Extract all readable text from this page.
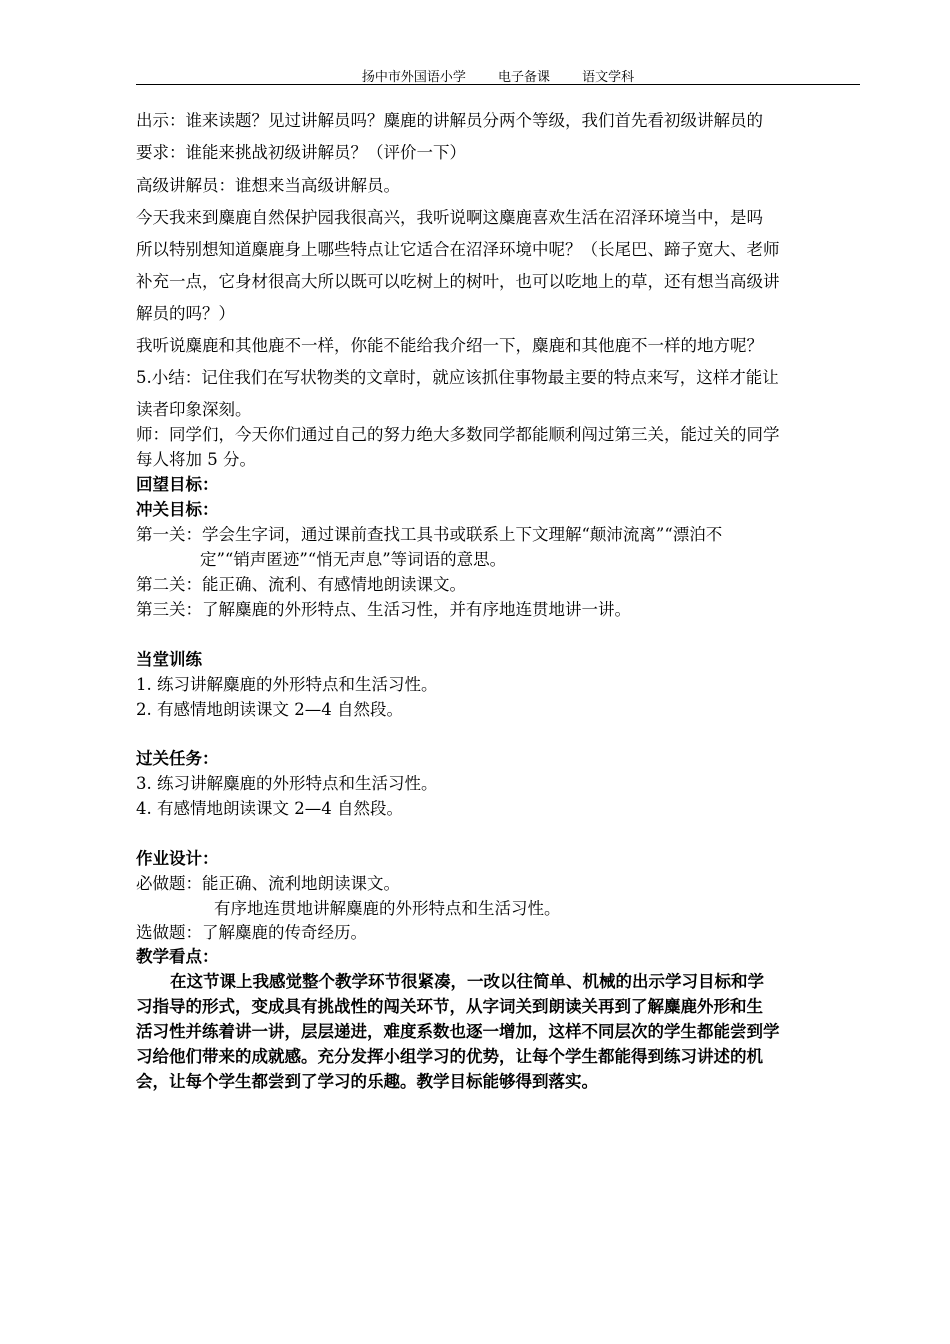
扬中市外国语小学 电子备课 语文学科
出示：谁来读题？见过讲解员吗？麋鹿的讲解员分两个等级，我们首先看初级讲解员的
要求：谁能来挑战初级讲解员？（评价一下）
高级讲解员：谁想来当高级讲解员。
今天我来到麋鹿自然保护园我很高兴，我听说啊这麋鹿喜欢生活在沼泽环境当中，是吗
所以特别想知道麋鹿身上哪些特点让它适合在沼泽环境中呢？（长尾巴、蹄子宽大、老师
补充一点，它身材很高大所以既可以吃树上的树叶，也可以吃地上的草，还有想当高级讲
解员的吗？）
我听说麋鹿和其他鹿不一样，你能不能给我介绍一下，麋鹿和其他鹿不一样的地方呢？
5.小结：记住我们在写状物类的文章时，就应该抓住事物最主要的特点来写，这样才能让
读者印象深刻。
师：同学们，今天你们通过自己的努力绝大多数同学都能顺利闯过第三关，能过关的同学
每人将加 5 分。
回望目标：
冲关目标：
第一关：学会生字词，通过课前查找工具书或联系上下文理解“颠沛流离”“漂泊不
定”“销声匿迹”“悄无声息”等词语的意思。
第二关：能正确、流利、有感情地朗读课文。
第三关：了解麋鹿的外形特点、生活习性，并有序地连贯地讲一讲。
当堂训练
1. 练习讲解麋鹿的外形特点和生活习性。
2. 有感情地朗读课文 2—4 自然段。
过关任务：
3. 练习讲解麋鹿的外形特点和生活习性。
4. 有感情地朗读课文 2—4 自然段。
作业设计：
必做题：能正确、流利地朗读课文。
有序地连贯地讲解麋鹿的外形特点和生活习性。
选做题：了解麋鹿的传奇经历。
教学看点：
在这节课上我感觉整个教学环节很紧凑，一改以往简单、机械的出示学习目标和学
习指导的形式，变成具有挑战性的闯关环节，从字词关到朗读关再到了解麋鹿外形和生
活习性并练着讲一讲，层层递进，难度系数也逐一增加，这样不同层次的学生都能尝到学
习给他们带来的成就感。充分发挥小组学习的优势，让每个学生都能得到练习讲述的机
会，让每个学生都尝到了学习的乐趣。教学目标能够得到落实。
